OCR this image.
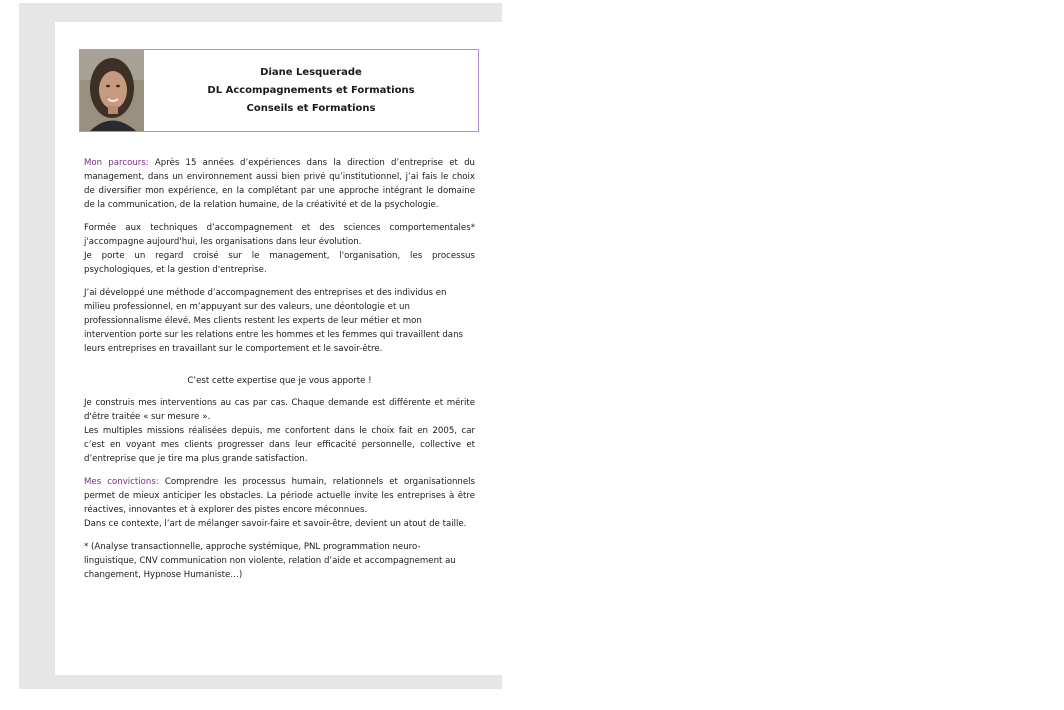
Diane Lesquerade
DL Accompagnements et Formations
Conseils et Formations

Mon parcours: Après 15 années d’expériences dans la direction d’entreprise et du management, dans un environnement aussi bien privé qu’institutionnel, j’ai fais le choix de diversifier mon expérience, en la complétant par une approche intégrant le domaine de la communication, de la relation humaine, de la créativité et de la psychologie.

Formée aux techniques d’accompagnement et des sciences comportementales* j'accompagne aujourd'hui, les organisations dans leur évolution.
Je porte un regard croisé sur le management, l'organisation, les processus psychologiques, et la gestion d'entreprise.

J’ai développé une méthode d’accompagnement des entreprises et des individus en milieu professionnel, en m’appuyant sur des valeurs, une déontologie et un professionnalisme élevé. Mes clients restent les experts de leur métier et mon intervention porte sur les relations entre les hommes et les femmes qui travaillent dans leurs entreprises en travaillant sur le comportement et le savoir-être.

C’est cette expertise que je vous apporte !

Je construis mes interventions au cas par cas. Chaque demande est différente et mérite d'être traitée « sur mesure ».
Les multiples missions réalisées depuis, me confortent dans le choix fait en 2005, car c’est en voyant mes clients progresser dans leur efficacité personnelle, collective et d’entreprise que je tire ma plus grande satisfaction.

Mes convictions: Comprendre les processus humain, relationnels et organisationnels permet de mieux anticiper les obstacles. La période actuelle invite les entreprises à être réactives, innovantes et à explorer des pistes encore méconnues.
Dans ce contexte, l’art de mélanger savoir-faire et savoir-être, devient un atout de taille.

* (Analyse transactionnelle, approche systémique, PNL programmation neuro- linguistique, CNV communication non violente, relation d’aide et accompagnement au changement, Hypnose Humaniste…)
